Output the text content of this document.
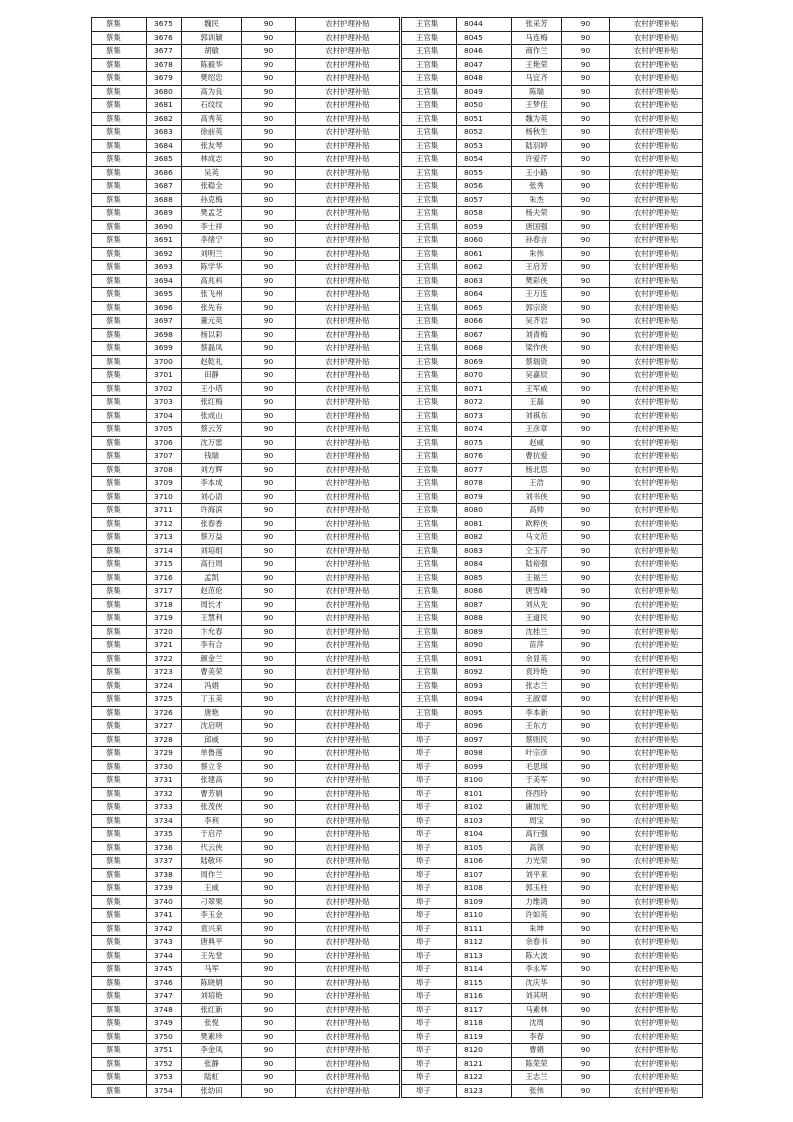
蔡集	3675	魏民	90	农村护理补贴
蔡集	3676	郭训颖	90	农村护理补贴
蔡集	3677	胡敏	90	农村护理补贴
蔡集	3678	陈毅华	90	农村护理补贴
蔡集	3679	樊绍忠	90	农村护理补贴
蔡集	3680	高为良	90	农村护理补贴
蔡集	3681	石纹纹	90	农村护理补贴
蔡集	3682	高秀英	90	农村护理补贴
蔡集	3683	徐前英	90	农村护理补贴
蔡集	3684	张友琴	90	农村护理补贴
蔡集	3685	林成志	90	农村护理补贴
蔡集	3686	吴英	90	农村护理补贴
蔡集	3687	张稳全	90	农村护理补贴
蔡集	3688	孙克梅	90	农村护理补贴
蔡集	3689	樊孟芝	90	农村护理补贴
蔡集	3690	李士祥	90	农村护理补贴
蔡集	3691	李绪宁	90	农村护理补贴
蔡集	3692	刘明兰	90	农村护理补贴
蔡集	3693	陈学华	90	农村护理补贴
蔡集	3694	高兆科	90	农村护理补贴
蔡集	3695	张飞州	90	农村护理补贴
蔡集	3696	张先有	90	农村护理补贴
蔡集	3697	董元英	90	农村护理补贴
蔡集	3698	杨以彩	90	农村护理补贴
蔡集	3699	蔡磊凤	90	农村护理补贴
蔡集	3700	赵乾礼	90	农村护理补贴
蔡集	3701	田静	90	农村护理补贴
蔡集	3702	王小塔	90	农村护理补贴
蔡集	3703	张红梅	90	农村护理补贴
蔡集	3704	张成山	90	农村护理补贴
蔡集	3705	蔡云芳	90	农村护理补贴
蔡集	3706	沈万雷	90	农村护理补贴
蔡集	3707	钱瑞	90	农村护理补贴
蔡集	3708	刘方辉	90	农村护理补贴
蔡集	3709	李本成	90	农村护理补贴
蔡集	3710	刘心语	90	农村护理补贴
蔡集	3711	许海滨	90	农村护理补贴
蔡集	3712	张春香	90	农村护理补贴
蔡集	3713	蔡万益	90	农村护理补贴
蔡集	3714	刘培组	90	农村护理补贴
蔡集	3715	高行周	90	农村护理补贴
蔡集	3716	孟凯	90	农村护理补贴
蔡集	3717	赵范伦	90	农村护理补贴
蔡集	3718	周长才	90	农村护理补贴
蔡集	3719	王慧利	90	农村护理补贴
蔡集	3720	卞允春	90	农村护理补贴
蔡集	3721	李有合	90	农村护理补贴
蔡集	3722	颜金兰	90	农村护理补贴
蔡集	3723	曹美荣	90	农村护理补贴
蔡集	3724	冯娟	90	农村护理补贴
蔡集	3725	丁玉美	90	农村护理补贴
蔡集	3726	唐艳	90	农村护理补贴
蔡集	3727	沈启明	90	农村护理补贴
蔡集	3728	邱威	90	农村护理补贴
蔡集	3729	单鲁莲	90	农村护理补贴
蔡集	3730	蔡立冬	90	农村护理补贴
蔡集	3731	张建高	90	农村护理补贴
蔡集	3732	曹芳娟	90	农村护理补贴
蔡集	3733	张茂侠	90	农村护理补贴
蔡集	3734	李利	90	农村护理补贴
蔡集	3735	于启芹	90	农村护理补贴
蔡集	3736	代云侠	90	农村护理补贴
蔡集	3737	陆敬环	90	农村护理补贴
蔡集	3738	周作兰	90	农村护理补贴
蔡集	3739	王威	90	农村护理补贴
蔡集	3740	刁翠果	90	农村护理补贴
蔡集	3741	李玉金	90	农村护理补贴
蔡集	3742	袁兴来	90	农村护理补贴
蔡集	3743	唐典平	90	农村护理补贴
蔡集	3744	王先堂	90	农村护理补贴
蔡集	3745	马军	90	农村护理补贴
蔡集	3746	陈晓娟	90	农村护理补贴
蔡集	3747	刘培艳	90	农村护理补贴
蔡集	3748	张红新	90	农村护理补贴
蔡集	3749	张悦	90	农村护理补贴
蔡集	3750	樊素珍	90	农村护理补贴
蔡集	3751	李金凤	90	农村护理补贴
蔡集	3752	张静	90	农村护理补贴
蔡集	3753	陆虹	90	农村护理补贴
蔡集	3754	张幼田	90	农村护理补贴
王官集	8044	张采芳	90	农村护理补贴
王官集	8045	马连梅	90	农村护理补贴
王官集	8046	商作兰	90	农村护理补贴
王官集	8047	王艳荣	90	农村护理补贴
王官集	8048	马宜齐	90	农村护理补贴
王官集	8049	陈瑞	90	农村护理补贴
王官集	8050	王梦佳	90	农村护理补贴
王官集	8051	魏为英	90	农村护理补贴
王官集	8052	杨秋生	90	农村护理补贴
王官集	8053	陆羽婷	90	农村护理补贴
王官集	8054	许爱芹	90	农村护理补贴
王官集	8055	王小路	90	农村护理补贴
王官集	8056	张秀	90	农村护理补贴
王官集	8057	朱杰	90	农村护理补贴
王官集	8058	杨夫荣	90	农村护理补贴
王官集	8059	唐国强	90	农村护理补贴
王官集	8060	孙春言	90	农村护理补贴
王官集	8061	朱伟	90	农村护理补贴
王官集	8062	王启芳	90	农村护理补贴
王官集	8063	樊彩侠	90	农村护理补贴
王官集	8064	王万连	90	农村护理补贴
王官集	8065	郭宗资	90	农村护理补贴
王官集	8066	吴齐岩	90	农村护理补贴
王官集	8067	刘青梅	90	农村护理补贴
王官集	8068	梁作侠	90	农村护理补贴
王官集	8069	蔡瑞资	90	农村护理补贴
王官集	8070	吴嘉辰	90	农村护理补贴
王官集	8071	王军威	90	农村护理补贴
王官集	8072	王磊	90	农村护理补贴
王官集	8073	刘祺东	90	农村护理补贴
王官集	8074	王彦章	90	农村护理补贴
王官集	8075	赵威	90	农村护理补贴
王官集	8076	曹抗爱	90	农村护理补贴
王官集	8077	杨北思	90	农村护理补贴
王官集	8078	王浩	90	农村护理补贴
王官集	8079	刘书侠	90	农村护理补贴
王官集	8080	高帅	90	农村护理补贴
王官集	8081	欧粹侠	90	农村护理补贴
王官集	8082	马文范	90	农村护理补贴
王官集	8083	仝玉芹	90	农村护理补贴
王官集	8084	陆裕强	90	农村护理补贴
王官集	8085	王福兰	90	农村护理补贴
王官集	8086	唐雪峰	90	农村护理补贴
王官集	8087	刘从先	90	农村护理补贴
王官集	8088	王道民	90	农村护理补贴
王官集	8089	沈桂兰	90	农村护理补贴
王官集	8090	苗萍	90	农村护理补贴
王官集	8091	余显英	90	农村护理补贴
王官集	8092	袁玲艳	90	农村护理补贴
王官集	8093	张志兰	90	农村护理补贴
王官集	8094	王淑章	90	农村护理补贴
王官集	8095	李本新	90	农村护理补贴
埠子	8096	王东方	90	农村护理补贴
埠子	8097	蔡则民	90	农村护理补贴
埠子	8098	叶宗彦	90	农村护理补贴
埠子	8099	毛思琪	90	农村护理补贴
埠子	8100	于美军	90	农村护理补贴
埠子	8101	佟西玲	90	农村护理补贴
埠子	8102	庸加光	90	农村护理补贴
埠子	8103	周宝	90	农村护理补贴
埠子	8104	高行强	90	农村护理补贴
埠子	8105	高领	90	农村护理补贴
埠子	8106	力光荣	90	农村护理补贴
埠子	8107	刘平来	90	农村护理补贴
埠子	8108	郭玉柱	90	农村护理补贴
埠子	8109	力维鸿	90	农村护理补贴
埠子	8110	许如英	90	农村护理补贴
埠子	8111	朱坤	90	农村护理补贴
埠子	8112	余春书	90	农村护理补贴
埠子	8113	陈大波	90	农村护理补贴
埠子	8114	李永军	90	农村护理补贴
埠子	8115	沈庆华	90	农村护理补贴
埠子	8116	刘其明	90	农村护理补贴
埠子	8117	马素林	90	农村护理补贴
埠子	8118	沈周	90	农村护理补贴
埠子	8119	李春	90	农村护理补贴
埠子	8120	曹娟	90	农村护理补贴
埠子	8121	陈荣荣	90	农村护理补贴
埠子	8122	王志兰	90	农村护理补贴
埠子	8123	张伟	90	农村护理补贴
